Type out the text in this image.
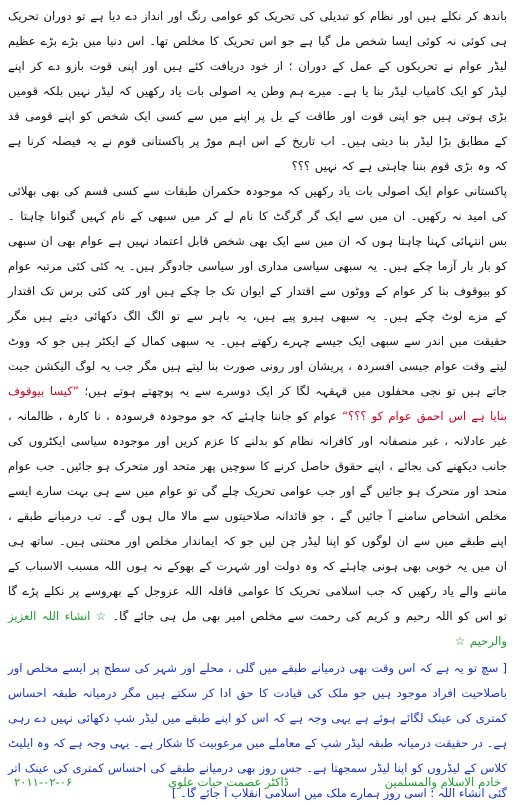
باندھ کر نکلے ہیں اور نظام کو تبدیلی کی تحریک کو عوامی رنگ اور انداز دے دیا ہے تو دوران تحریک ہی کوئی نہ کوئی ایسا شخص مل گیا ہے جو اس تحریک کا مخلص تھا۔ اس دنیا میں بڑے بڑے عظیم لیڈر عوام نے تحریکوں کے عمل کے دوران ؛ از خود دریافت کئے ہیں اور اپنی قوت بازو دے کر اپنے لیڈر کو ایک کامیاب لیڈر بنا یا ہے۔ میرے ہم وطن یہ اصولی بات یاد رکھیں کہ لیڈر نہیں بلکہ قومیں بڑی ہوتی ہیں جو اپنی قوت اور طاقت کے بل پر اپنے میں سے کسی ایک شخص کو اپنے قومی قد کے مطابق بڑا لیڈر بنا دیتی ہیں۔ اب تاریخ کے اس اہم موڑ پر پاکستانی قوم نے یہ فیصلہ کرنا ہے کہ وہ بڑی قوم بننا چاہتی ہے کہ نہیں ؟؟؟

پاکستانی عوام ایک اصولی بات یاد رکھیں کہ موجودہ حکمران طبقات سے کسی قسم کی بھی بھلائی کی امید نہ رکھیں۔ ان میں سے ایک گر گرگٹ کا نام لے کر میں سبھی کے نام کہیں گنوانا چاہتا ۔ بس انتہائی کہنا چاہتا ہوں کہ ان میں سے ایک بھی شخص قابل اعتماد نہیں ہے عوام بھی ان سبھی کو بار بار آزما چکے ہیں۔ یہ سبھی سیاسی مداری اور سیاسی جادوگر ہیں۔ یہ کئی کئی مرتبہ عوام کو بیوقوف بنا کر عوام کے ووٹوں سے اقتدار کے ایوان تک جا چکے ہیں اور کئی کئی برس تک اقتدار کے مزے لوٹ چکے ہیں۔ یہ سبھی ہیرو پیے ہیں، یہ باہر سے تو الگ الگ دکھائی دیتے ہیں مگر حقیقت میں اندر سے سبھی ایک جیسے چہرے رکھتے ہیں۔ یہ سبھی کمال کے ایکٹر ہیں جو کہ ووٹ لیتے وقت عوام جیسی افسردہ ، پریشان اور رونی صورت بنا لیتے ہیں مگر جب یہ لوگ الیکشن جیت جاتے ہیں تو نجی محفلوں میں قہقہہ لگا کر ایک دوسرے سے یہ پوچھتے ہوتے ہیں؛ ”کیسا بیوقوف بنایا ہے اس احمق عوام کو ؟؟؟“ عوام کو جاننا چاہئے کہ جو موجودہ فرسودہ ، نا کارہ ، ظالمانہ ، غیر عادلانہ ، غیر منصفانہ اور کافرانہ نظام کو بدلنے کا عزم کریں اور موجودہ سیاسی ایکٹروں کی جانب دیکھنے کی بجائے ، اپنے حقوق حاصل کرنے کا سوچیں پھر متحد اور متحرک ہو جائیں۔ جب عوام متحد اور متحرک ہو جائیں گے اور جب عوامی تحریک چلے گی تو عوام میں سے ہی بہت سارے ایسے مخلص اشخاص سامنے آ جائیں گے ، جو قائدانہ صلاحیتوں سے مالا مال ہوں گے۔ تب درمیانے طبقے ، اپنے طبقے میں سے ان لوگوں کو اپنا لیڈر چن لیں جو کہ ایماندار مخلص اور محنتی ہیں۔ ساتھ ہی ان میں یہ خوبی بھی ہونی چاہئے کہ وہ دولت اور شہرت کے بھوکے نہ ہوں اللہ مسبب الاسباب کے ماننے والے یاد رکھیں کہ جب اسلامی تحریک کا عوامی قافلہ اللہ عزوجل کے بھروسے پر نکلے پڑے گا تو اس کو اللہ رحیم و کریم کی رحمت سے مخلص امیر بھی مل ہی جائے گا۔ ☆ انشاء اللہ العزیز والرحیم ☆

[ سچ تو یہ ہے کہ اس وقت بھی درمیانے طبقے میں گلی ، محلے اور شہر کی سطح پر ایسے مخلص اور باصلاحیت افراد موجود ہیں جو ملک کی قیادت کا حق ادا کر سکتے ہیں مگر درمیانہ طبقہ احساس کمتری کی عینک لگائے ہوئے ہے یہی وجہ ہے کہ اس کو اپنے طبقے میں لیڈر شپ دکھائی نہیں دے رہی ہے۔ در حقیقت درمیانہ طبقہ لیڈر شپ کے معاملے میں مرعوبیت کا شکار ہے۔ یہی وجہ ہے کہ وہ ایلیٹ کلاس کے لیڈروں کو اپنا لیڈر سمجھتا ہے۔ جس روز بھی درمیانے طبقے کی احساس کمتری کی عینک اتر گئی انشاء اللہ ؛ اسی روز ہمارے ملک میں اسلامی انقلاب آ جائے گا۔ ]

خادم الاسلام والمسلمین
ڈاکٹر عصمت حیات علوی
۲۰۱۱-۰۲-۰۶
